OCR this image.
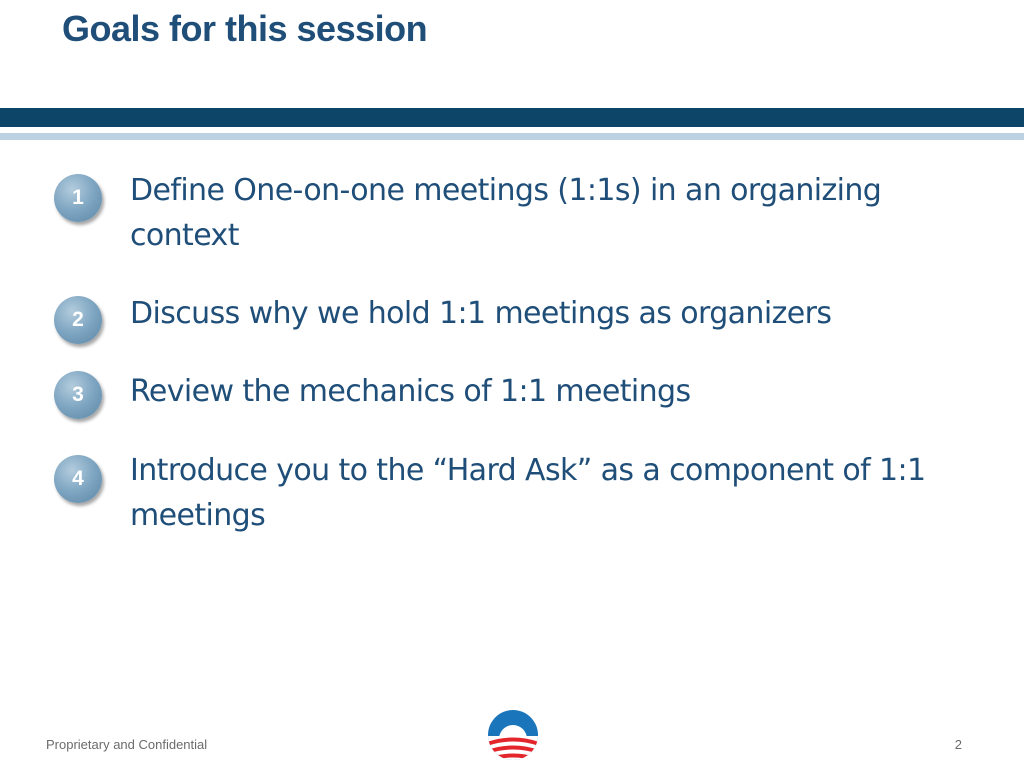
Goals for this session
1	Define One-on-one meetings (1:1s) in an organizing context
2	Discuss why we hold 1:1 meetings as organizers
3	Review the mechanics of 1:1 meetings
4	Introduce you to the “Hard Ask” as a component of 1:1 meetings
Proprietary and Confidential	2
